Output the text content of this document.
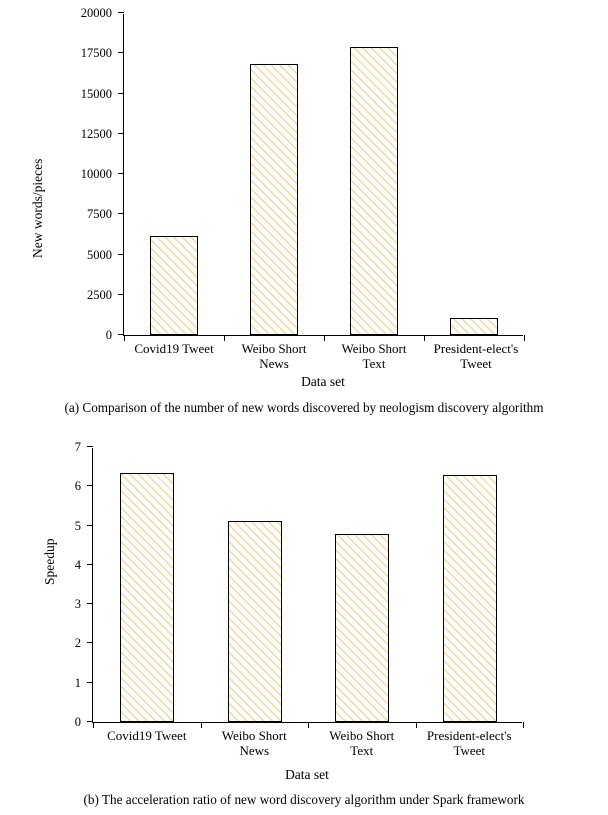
New words/pieces
0
2500
5000
7500
10000
12500
15000
17500
20000
Covid19 Tweet	Weibo Short
News
Weibo Short
Text
President-elect's
Tweet
Data set
(a) Comparison of the number of new words discovered by neologism discovery algorithm
Speedup
0
1
2
3
4
5
6
7
Covid19 Tweet	Weibo Short
News
Weibo Short
Text
President-elect's
Tweet
Data set
(b) The acceleration ratio of new word discovery algorithm under Spark framework
